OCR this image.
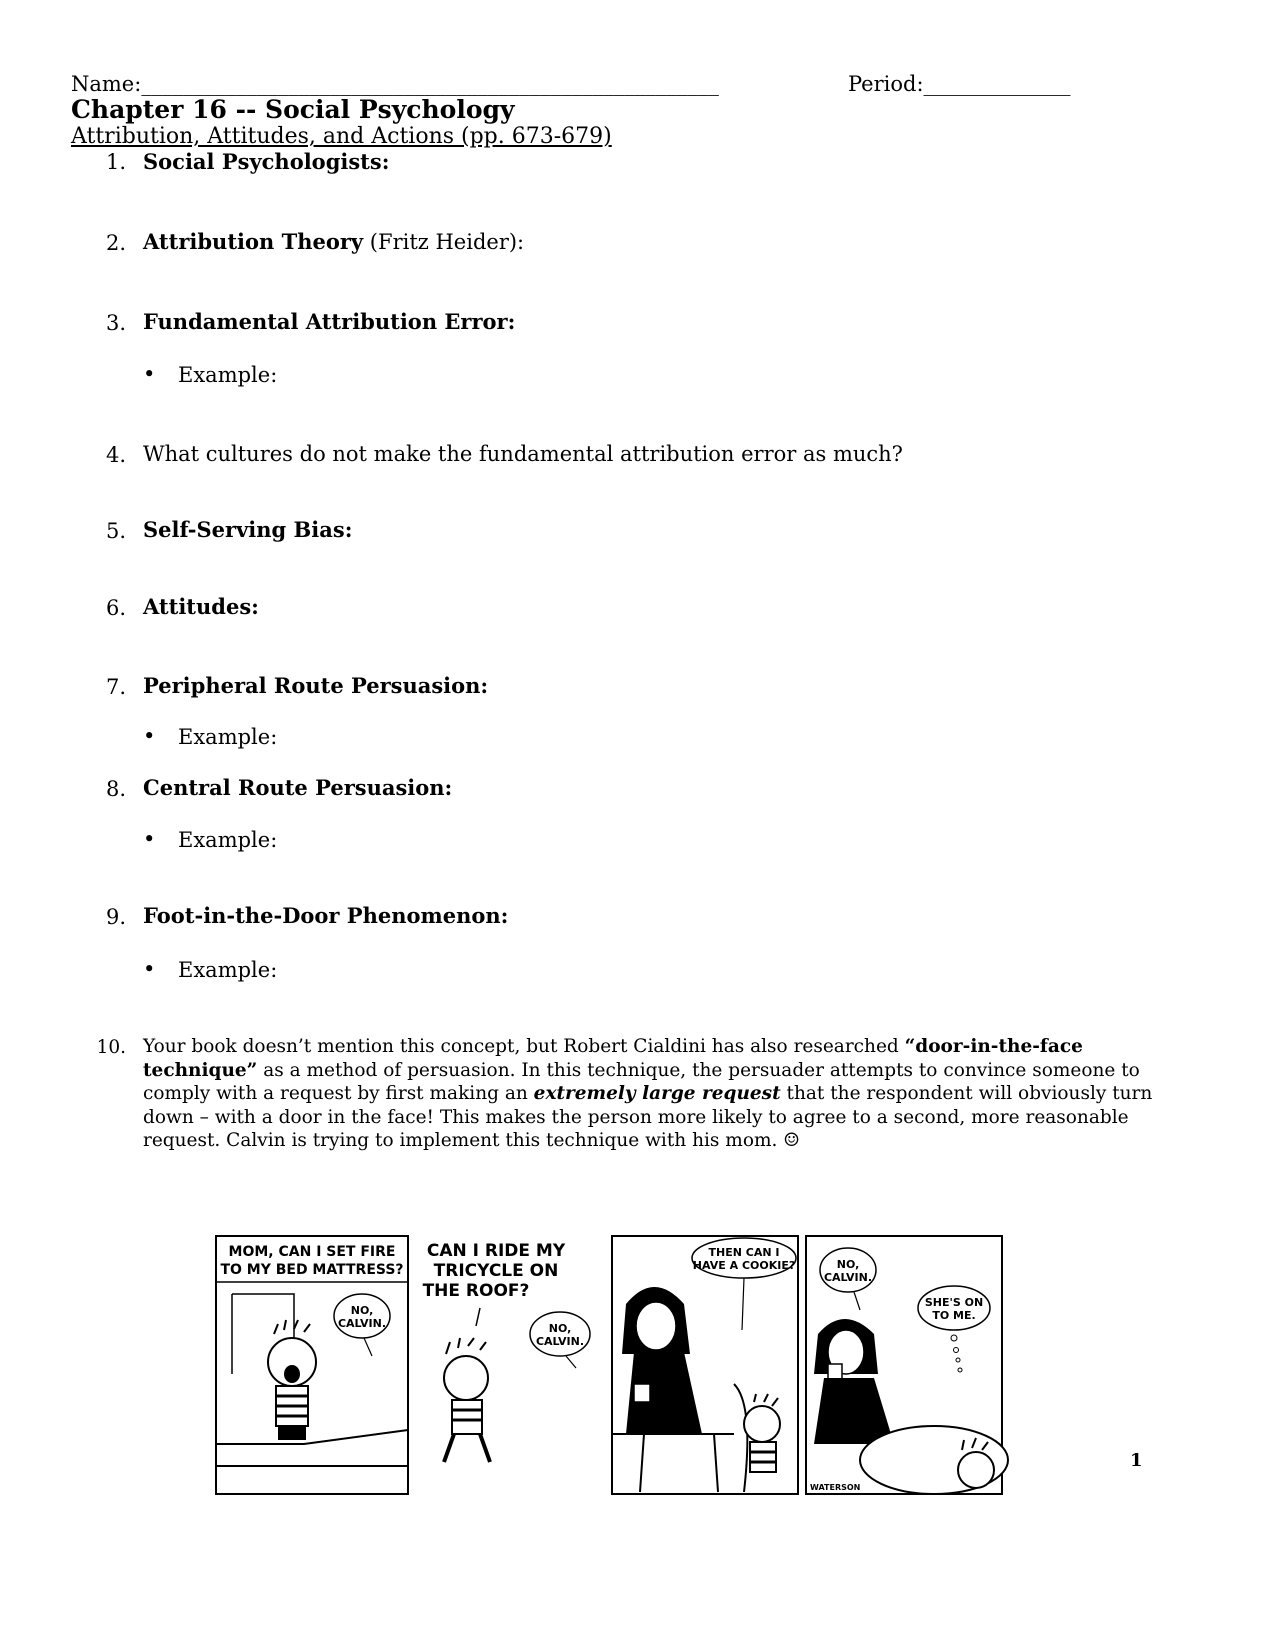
Name:_______________________________________________________	Period:______________
Chapter 16 -- Social Psychology
Attribution, Attitudes, and Actions (pp. 673-679)
1. Social Psychologists:
2. Attribution Theory (Fritz Heider):
3. Fundamental Attribution Error:
• Example:
4. What cultures do not make the fundamental attribution error as much?
5. Self-Serving Bias:
6. Attitudes:
7. Peripheral Route Persuasion:
• Example:
8. Central Route Persuasion:
• Example:
9. Foot-in-the-Door Phenomenon:
• Example:
10. Your book doesn’t mention this concept, but Robert Cialdini has also researched “door-in-the-face technique” as a method of persuasion. In this technique, the persuader attempts to convince someone to comply with a request by first making an extremely large request that the respondent will obviously turn down – with a door in the face! This makes the person more likely to agree to a second, more reasonable request. Calvin is trying to implement this technique with his mom. ☺
MOM, CAN I SET FIRE
TO MY BED MATTRESS?
NO,
CALVIN.
CAN I RIDE MY
TRICYCLE ON
THE ROOF?
NO,
CALVIN.
THEN CAN I
HAVE A COOKIE?	NO,
CALVIN.
SHE'S ON
TO ME.
WATERSON
1
